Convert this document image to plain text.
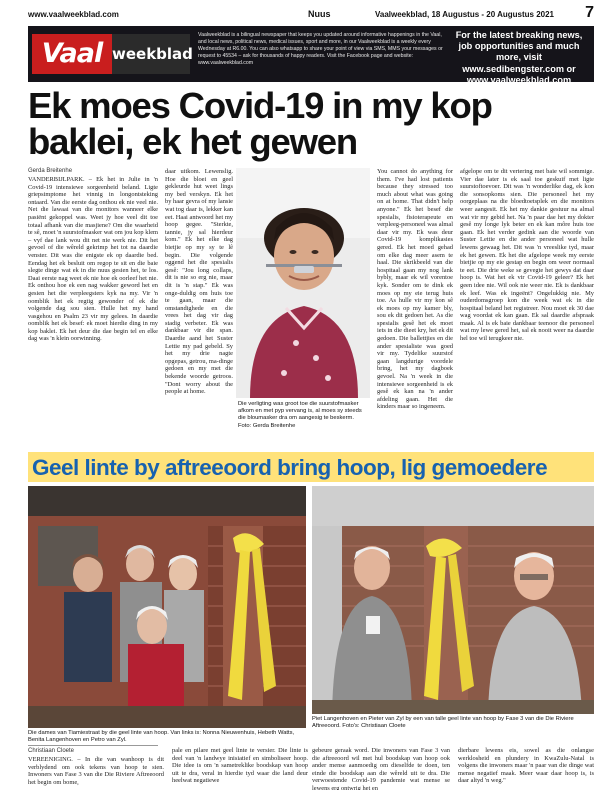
www.vaalweekblad.com	Nuus	Vaalweekblad, 18 Augustus - 20 Augustus 2021 7
Vaal weekblad
Vaalweekblad is a bilingual newspaper that keeps you updated around informative happenings in the Vaal, and local news, political news, medical issues, sport and more, in our Vaalweekblad is a weekly every Wednesday at R6.00. You can also whatsapp to share your point of view via SMS, MMS your messages or request to 45534 – ask for thousands of happy readers. Visit the Facebook page and website: www.vaalweekblad.com
For the latest breaking news,
job opportunities and much
more, visit
www.sedibengster.com or
www.vaalweekblad.com
Ek moes Covid-19 in my kop baklei, ek het gewen
Gerda Breitenhe

VANDERBIJLPARK. – Ek het in Julie in 'n Covid-19 intensiewe sorgeenheid beland. Ligte griepsimptome het vinnig in longontsteking ontaard. Van die eerste dag onthou ek nie veel nie. Net die lawaai van die monitors wanneer elke pasiënt gekoppel was. Weet jy hoe veel dit toe totaal afhank van die masjiene? Om die waarheid te sê, moet 'n suurstofmasker wat om jou kop klem – vyf dae lank wou dit net nie werk nie. Dit het gevoel of die wêreld gekrimp het tot na daardie venster. Dit was die enigste ek op daardie bed. Eendag het ek besluit om regop te sit en die baie slegte dinge wat ek in die nuus gesien het, te los. Daai eerste nag weet ek nie hoe ek oorleef het nie. Ek onthou hoe ek een nag wakker geword het en gesien het die verpleegsters kyk na my. Vir 'n oomblik het ek regtig gewonder of ek die volgende dag sou sien. Hulle het my hand vasgehou en Psalm 23 vir my gelees. In daardie oomblik het ek besef: ek moet hierdie ding in my kop baklei. Ek het deur die dae begin tel en elke dag was 'n klein oorwinning.

daar uitkom. Lewenslig. Hoe die bloei en geel gekleurde hut weet lings my bed verskyn. Ek het by haar gevra of my lansie wat tog daar is, lekker kan eet. Haai antwoord het my hoop gegee. "Sterkte, tannie, jy sal hierdeur kom." Ek het elke dag bietjie op my sy te lê begin. Die volgende oggend het die spesialis gesê: "Jou long collaps, dit is nie so erg nie, maar dit is 'n stap." Ek was onge-duldig om huis toe te gaan, maar die omstandighede en die vrees het dag vir dag stadig verbeter. Ek was dankbaar vir die span. Daardie aand het Suster Lettie my pad gebeld. Sy het my drie nagte opgepas, getrou, ma-dinge gedoen en my met die bekende woorde getroos. "Dont worry about the people at home.

Die verligting was groot toe die suurstofmasker afkom en met pyp vervang is, al moes sy steeds die bloumasker dra om aangesig te beskerm. Foto: Gerda Breitenhe

You cannot do anything for them. I've had lost patients because they stressed too much about what was going on at home. That didn't help anyone." Ek het besef die spesialis, fisioterapeute en verpleeg-personeel was almal daar vir my. Ek was deur Covid-19 komplikasies gered. Ek het moed gehad om elke dag meer asem te haal. Die skrikbeeld van die hospitaal gaan my nog lank bybly, maar ek wil vorentoe kyk. Sonder om te dink ek moes op my eie terug huis toe. As hulle vir my kon sê ek moes op my kamer bly, sou ek dit gedoen het. As die spesialis gesê het ek moet iets in die dieet kry, het ek dit gedoen. Die ballettjies en die ander spesialiste was goed vir my. Tydelike suurstof gaan langdurige voordele bring, het my dagboek gevoel. Na 'n week in die intensiewe sorgeenheid is ek gesê ek kan na 'n ander afdeling gaan. Het die kinders maar so ingeneem.

afgelope om te dit vertering met baie wil sommige. Vier dae later is ek saal toe geskuif met ligte suurstoftoevoer. Dit was 'n wonderlike dag, ek kon die sonsopkoms sien. Die personeel het my oorgeplaas na die bloedtoetsplek en die monitors weer aangesit. Ek het my dankie gestuur na almal wat vir my gebid het. Na 'n paar dae het my dokter gesê my longe lyk beter en ek kan môre huis toe gaan. Ek het verder gedink aan die woorde van Suster Lettie en die ander personeel wat hulle lewens gewaag het. Dit was 'n vreeslike tyd, maar ek het gewen. Ek het die afgelope week my eerste bietjie op my eie gestap en begin om weer normaal te eet. Die drie weke se gevegte het gewys dat daar hoop is. Wat het ek vir Covid-19 geleer? Ek het geen idee nie. Wil ook nie weer nie. Ek is dankbaar ek leef. Was ek ingeënt? Ongelukkig nie. My ouderdomsgroep kon die week wat ek in die hospitaal beland het registreer. Nou moet ek 30 dae wag voordat ek kan gaan. Ek sal daardie afspraak maak. Al is ek baie dankbaar teenoor die personeel wat my lewe gered het, sal ek nooit weer na daardie hel toe wil terugkeer nie.

Geel linte by aftreeoord bring hoop, lig gemoedere
Die dames van Tiamiestraat by die geel linte van hoop. Van links is: Nonna Nieuwenhuis, Hebeth Watts, Benita Langenhoven en Petro van Zyl.
Piet Langenhoven en Pieter van Zyl by een van talle geel linte van hoop by Fase 3 van die Die Riviere Aftreeoord. Foto's: Christiaan Cloete
Christiaan Cloete

VEREENIGING. – In die van wanhoop is dit verblydend om ook tekens van hoop te sien. Inwoners van Fase 3 van die Die Riviere Aftreeoord het begin om bome,

pale en pilare met geel linte te versier. Die linte is deel van 'n landwye inisiatief en simboliseer hoop. Die idee is om 'n sametreklike boodskap van hoop uit te dra, veral in hierdie tyd waar die land deur heelwat negatiewe

gebeure geraak word. Die inwoners van Fase 3 van die aftreeoord wil met hul boodskap van hoop ook ander mense aanmoedig om dieselfde te doen, ten einde die boodskap aan die wêreld uit te dra. Die verwoestende Covid-19 pandemie wat mense se lewens erg ontwrig het en

dierbare lewens eis, sowel as die onlangse werklosheid en plundery in KwaZulu-Natal is volgens die inwoners maar 'n paar van die dinge wat mense negatief maak. Meer waar daar hoop is, is daar altyd 'n weg."
